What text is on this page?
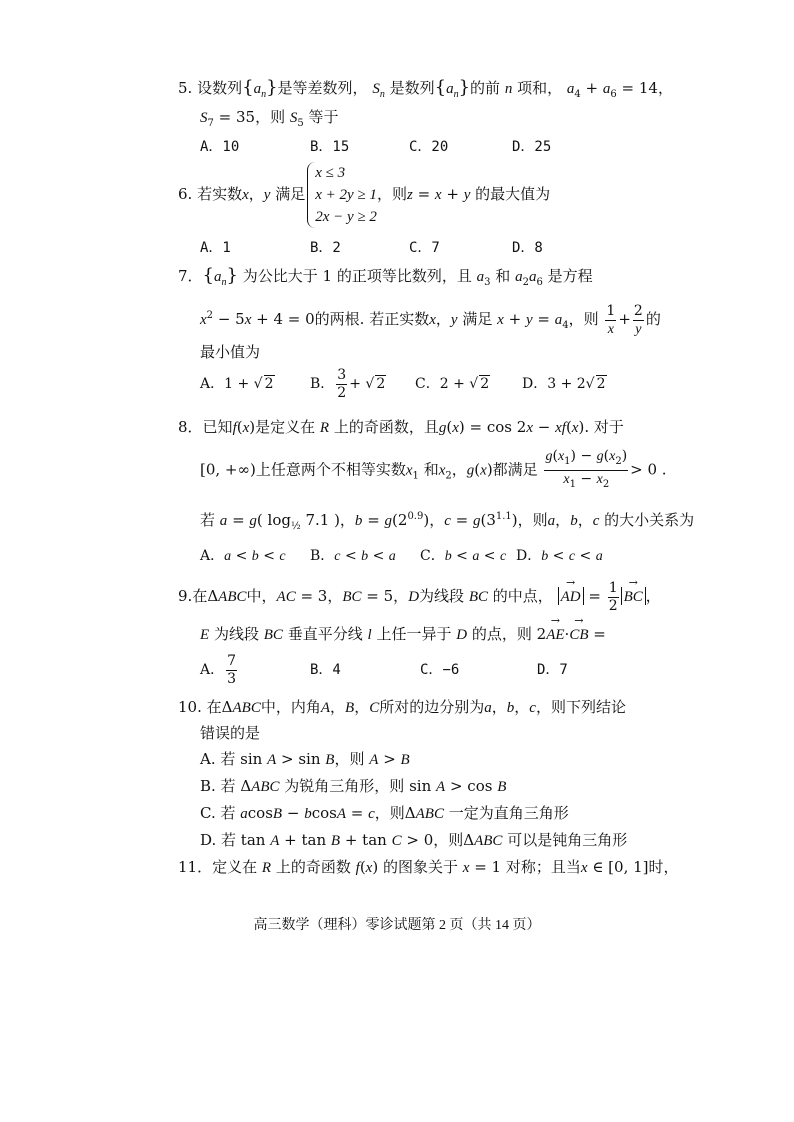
5. 设数列$\{a_n\}$是等差数列， $S_n$ 是数列$\{a_n\}$的前 n 项和， $a_4 + a_6 = 14$，
$S_7 = 35$，则 $S_5$ 等于
A．10	B．15	C．20	D．25
6. 若实数x，y 满足
x ≤ 3
x + 2y ≥ 1
2x − y ≥ 2
，则z = x + y 的最大值为
A．1	B．2	C．7	D．8
7．$\{a_n\}$ 为公比大于 1 的正项等比数列，且 $a_3$ 和 $a_2a_6$ 是方程
$x^2 - 5x + 4 = 0$的两根. 若正实数x，y 满足 $x + y = a_4$，则 $\frac{1}{x} + \frac{2}{y}$ 的
最小值为
A．1 + √ 2	B． $\frac{3}{2}$ + √ 2 C．2 + √ 2 D．3 + 2√ 2
8．已知f(x)是定义在 R 上的奇函数，且g(x) = cos 2x − xf(x). 对于
[0, +∞)上任意两个不相等实数$x_1$ 和$x_2$，g(x)都满足 $\frac{g(x_1) - g(x_2)}{x_1 - x_2} > 0$ .
若 a = g( $\log_{\frac{1}{2}} 7.1$ )，$b = g(2^{0.9})$，$c = g(3^{1.1})$，则a，b，c 的大小关系为
A．a < b < c B．c < b < a C．b < a < c D．b < c < a
9.在ΔABC中，AC = 3，BC = 5，D为线段 BC 的中点， → AD = $\frac{1}{2}$ → BC ，
E 为线段 BC 垂直平分线 l 上任一异于 D 的点，则 2→ AE·→ CB =
A． $\frac{7}{3}$	B．4	C．−6	D．7
10. 在ΔABC中，内角A，B，C所对的边分别为a，b，c，则下列结论
错误的是
A. 若 sin A > sin B，则 A > B
B. 若 ΔABC 为锐角三角形，则 sin A > cos B
C. 若 acosB − bcosA = c，则ΔABC 一定为直角三角形
D. 若 tan A + tan B + tan C > 0，则ΔABC 可以是钝角三角形
11．定义在 R 上的奇函数 f(x) 的图象关于 x = 1 对称；且当x ∈ [0, 1]时，
高三数学（理科）零诊试题第 2 页（共 14 页）
